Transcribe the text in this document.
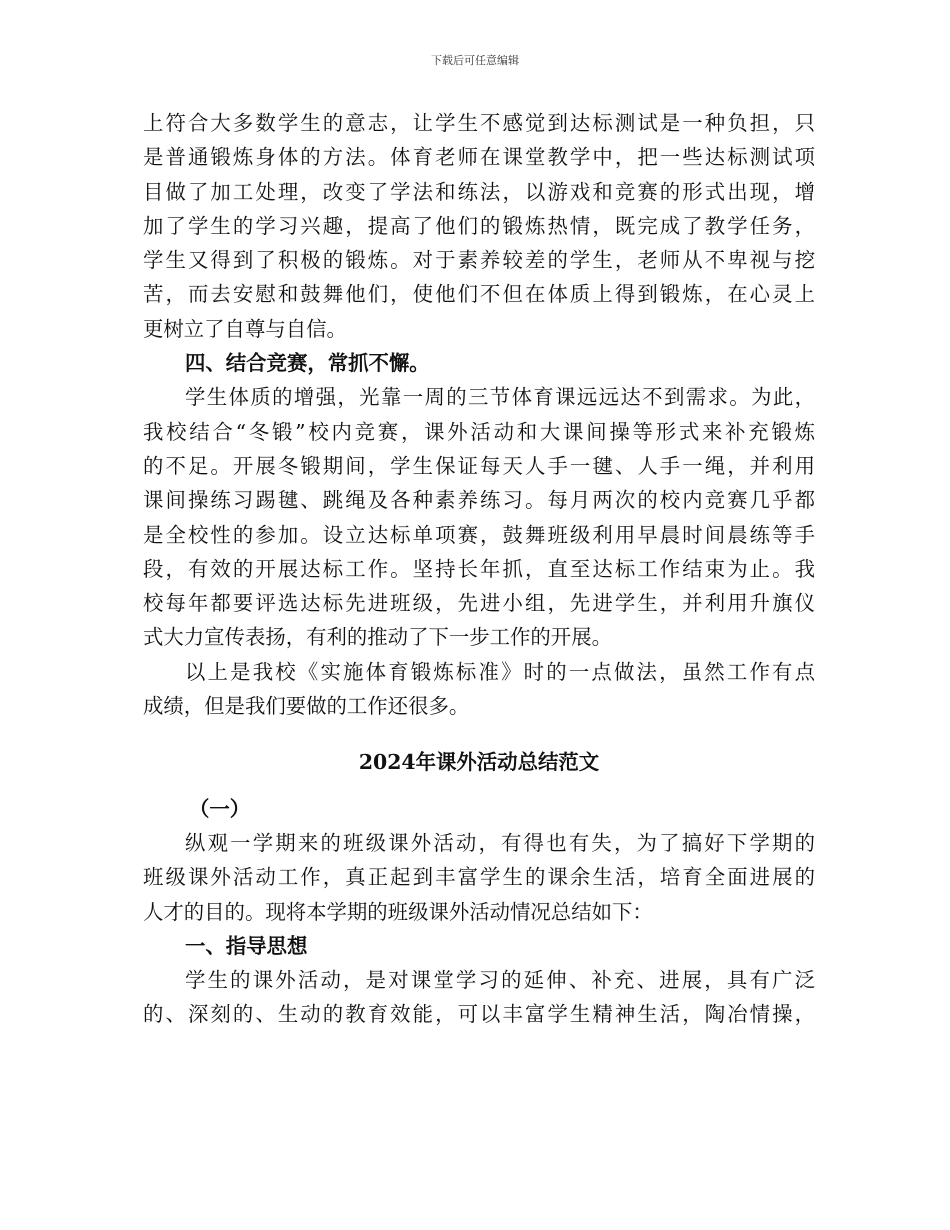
下载后可任意编辑
上符合大多数学生的意志，让学生不感觉到达标测试是一种负担，只
是普通锻炼身体的方法。体育老师在课堂教学中，把一些达标测试项
目做了加工处理，改变了学法和练法，以游戏和竞赛的形式出现，增
加了学生的学习兴趣，提高了他们的锻炼热情，既完成了教学任务，
学生又得到了积极的锻炼。对于素养较差的学生，老师从不卑视与挖
苦，而去安慰和鼓舞他们，使他们不但在体质上得到锻炼，在心灵上
更树立了自尊与自信。
四、结合竞赛，常抓不懈。
学生体质的增强，光靠一周的三节体育课远远达不到需求。为此，
我校结合“冬锻”校内竞赛，课外活动和大课间操等形式来补充锻炼
的不足。开展冬锻期间，学生保证每天人手一毽、人手一绳，并利用
课间操练习踢毽、跳绳及各种素养练习。每月两次的校内竞赛几乎都
是全校性的参加。设立达标单项赛，鼓舞班级利用早晨时间晨练等手
段，有效的开展达标工作。坚持长年抓，直至达标工作结束为止。我
校每年都要评选达标先进班级，先进小组，先进学生，并利用升旗仪
式大力宣传表扬，有利的推动了下一步工作的开展。
以上是我校《实施体育锻炼标准》时的一点做法，虽然工作有点
成绩，但是我们要做的工作还很多。
2024年课外活动总结范文
（一）
纵观一学期来的班级课外活动，有得也有失，为了搞好下学期的
班级课外活动工作，真正起到丰富学生的课余生活，培育全面进展的
人才的目的。现将本学期的班级课外活动情况总结如下：
一、指导思想
学生的课外活动，是对课堂学习的延伸、补充、进展，具有广泛
的、深刻的、生动的教育效能，可以丰富学生精神生活，陶冶情操，
